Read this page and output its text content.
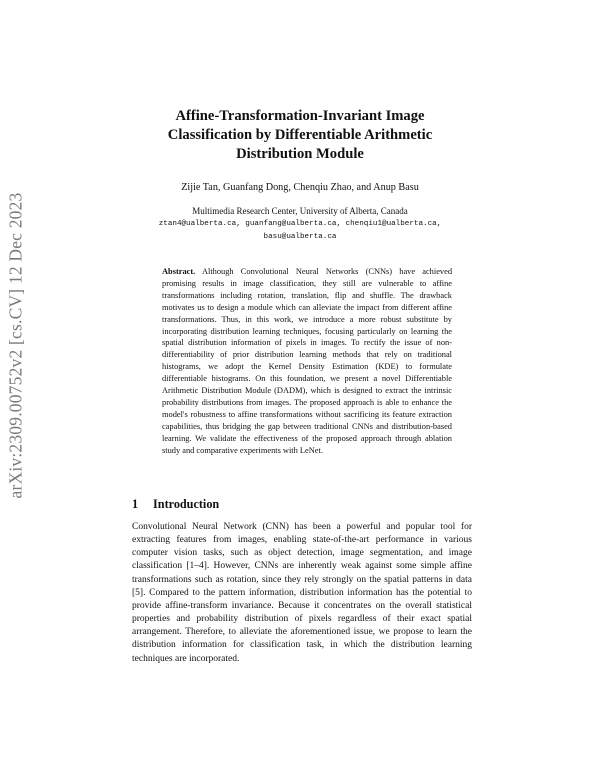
arXiv:2309.00752v2 [cs.CV] 12 Dec 2023
Affine-Transformation-Invariant Image
Classification by Differentiable Arithmetic
Distribution Module

Zijie Tan, Guanfang Dong, Chenqiu Zhao, and Anup Basu

Multimedia Research Center, University of Alberta, Canada
ztan4@ualberta.ca, guanfang@ualberta.ca, chenqiu1@ualberta.ca,
basu@ualberta.ca

Abstract. Although Convolutional Neural Networks (CNNs) have achieved promising results in image classification, they still are vulnerable to affine transformations including rotation, translation, flip and shuffle. The drawback motivates us to design a module which can alleviate the impact from different affine transformations. Thus, in this work, we introduce a more robust substitute by incorporating distribution learning techniques, focusing particularly on learning the spatial distribution information of pixels in images. To rectify the issue of non-differentiability of prior distribution learning methods that rely on traditional histograms, we adopt the Kernel Density Estimation (KDE) to formulate differentiable histograms. On this foundation, we present a novel Differentiable Arithmetic Distribution Module (DADM), which is designed to extract the intrinsic probability distributions from images. The proposed approach is able to enhance the model's robustness to affine transformations without sacrificing its feature extraction capabilities, thus bridging the gap between traditional CNNs and distribution-based learning. We validate the effectiveness of the proposed approach through ablation study and comparative experiments with LeNet.

1 Introduction

Convolutional Neural Network (CNN) has been a powerful and popular tool for extracting features from images, enabling state-of-the-art performance in various computer vision tasks, such as object detection, image segmentation, and image classification [1–4]. However, CNNs are inherently weak against some simple affine transformations such as rotation, since they rely strongly on the spatial patterns in data [5]. Compared to the pattern information, distribution information has the potential to provide affine-transform invariance. Because it concentrates on the overall statistical properties and probability distribution of pixels regardless of their exact spatial arrangement. Therefore, to alleviate the aforementioned issue, we propose to learn the distribution information for classification task, in which the distribution learning techniques are incorporated.
